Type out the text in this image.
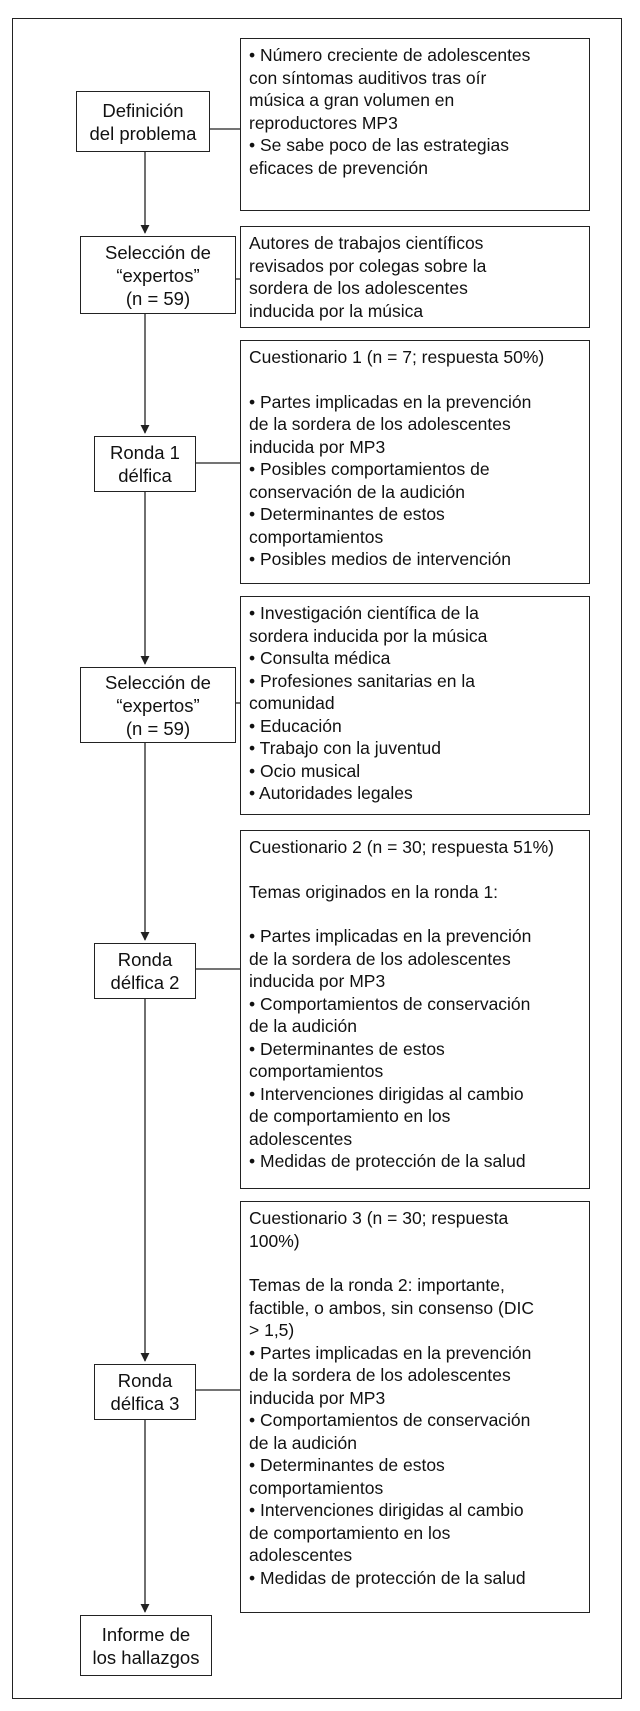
Definición
del problema
Selección de
“expertos”
(n = 59)
Ronda 1
délfica
Selección de
“expertos”
(n = 59)
Ronda
délfica 2
Ronda
délfica 3
Informe de
los hallazgos
• Número creciente de adolescentes
con síntomas auditivos tras oír
música a gran volumen en
reproductores MP3
• Se sabe poco de las estrategias
eficaces de prevención
Autores de trabajos científicos
revisados por colegas sobre la
sordera de los adolescentes
inducida por la música
Cuestionario 1 (n = 7; respuesta 50%)
• Partes implicadas en la prevención
de la sordera de los adolescentes
inducida por MP3
• Posibles comportamientos de
conservación de la audición
• Determinantes de estos
comportamientos
• Posibles medios de intervención
• Investigación científica de la
sordera inducida por la música
• Consulta médica
• Profesiones sanitarias en la
comunidad
• Educación
• Trabajo con la juventud
• Ocio musical
• Autoridades legales
Cuestionario 2 (n = 30; respuesta 51%)
Temas originados en la ronda 1:
• Partes implicadas en la prevención
de la sordera de los adolescentes
inducida por MP3
• Comportamientos de conservación
de la audición
• Determinantes de estos
comportamientos
• Intervenciones dirigidas al cambio
de comportamiento en los
adolescentes
• Medidas de protección de la salud
Cuestionario 3 (n = 30; respuesta
100%)
Temas de la ronda 2: importante,
factible, o ambos, sin consenso (DIC
> 1,5)
• Partes implicadas en la prevención
de la sordera de los adolescentes
inducida por MP3
• Comportamientos de conservación
de la audición
• Determinantes de estos
comportamientos
• Intervenciones dirigidas al cambio
de comportamiento en los
adolescentes
• Medidas de protección de la salud
